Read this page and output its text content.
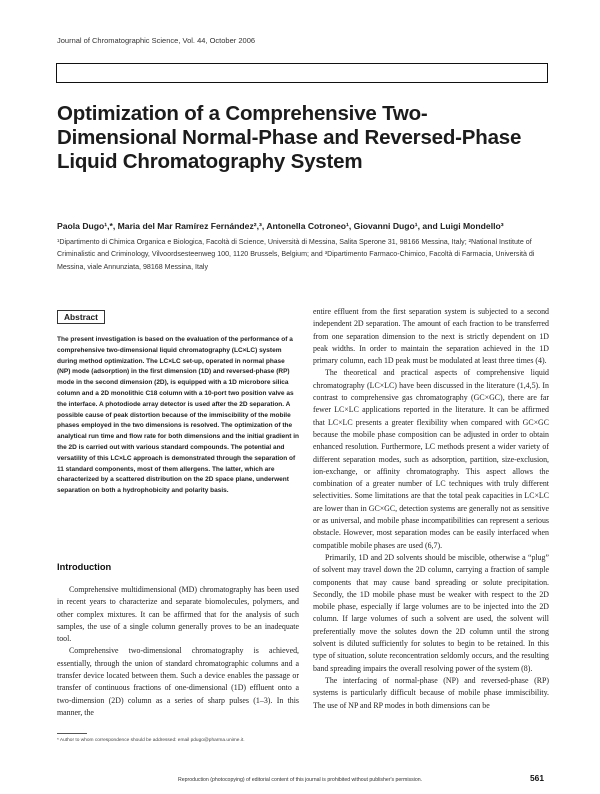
Journal of Chromatographic Science, Vol. 44, October 2006
Optimization of a Comprehensive Two-Dimensional Normal-Phase and Reversed-Phase Liquid Chromatography System
Paola Dugo¹,*, Maria del Mar Ramírez Fernández²,³, Antonella Cotroneo¹, Giovanni Dugo¹, and Luigi Mondello³
¹Dipartimento di Chimica Organica e Biologica, Facoltà di Science, Università di Messina, Salita Sperone 31, 98166 Messina, Italy; ²National Institute of Criminalistic and Criminology, Vilvoordsesteenweg 100, 1120 Brussels, Belgium; and ³Dipartimento Farmaco-Chimico, Facoltà di Farmacia, Università di Messina, viale Annunziata, 98168 Messina, Italy
Abstract
The present investigation is based on the evaluation of the performance of a comprehensive two-dimensional liquid chromatography (LC×LC) system during method optimization. The LC×LC set-up, operated in normal phase (NP) mode (adsorption) in the first dimension (1D) and reversed-phase (RP) mode in the second dimension (2D), is equipped with a 1D microbore silica column and a 2D monolithic C18 column with a 10-port two position valve as the interface. A photodiode array detector is used after the 2D separation. A possible cause of peak distortion because of the immiscibility of the mobile phases employed in the two dimensions is resolved. The optimization of the analytical run time and flow rate for both dimensions and the initial gradient in the 2D is carried out with various standard compounds. The potential and versatility of this LC×LC approach is demonstrated through the separation of 11 standard components, most of them allergens. The latter, which are characterized by a scattered distribution on the 2D space plane, underwent separation on both a hydrophobicity and polarity basis.
Introduction

Comprehensive multidimensional (MD) chromatography has been used in recent years to characterize and separate biomolecules, polymers, and other complex mixtures. It can be affirmed that for the analysis of such samples, the use of a single column generally proves to be an inadequate tool.

Comprehensive two-dimensional chromatography is achieved, essentially, through the union of standard chromatographic columns and a transfer device located between them. Such a device enables the passage or transfer of continuous fractions of one-dimensional (1D) effluent onto a two-dimension (2D) column as a series of sharp pulses (1–3). In this manner, the

* Author to whom correspondence should be addressed: email pdugo@pharma.unime.it.

entire effluent from the first separation system is subjected to a second independent 2D separation. The amount of each fraction to be transferred from one separation dimension to the next is strictly dependent on 1D peak widths. In order to maintain the separation achieved in the 1D primary column, each 1D peak must be modulated at least three times (4).

The theoretical and practical aspects of comprehensive liquid chromatography (LC×LC) have been discussed in the literature (1,4,5). In contrast to comprehensive gas chromatography (GC×GC), there are far fewer LC×LC applications reported in the literature. It can be affirmed that LC×LC presents a greater flexibility when compared with GC×GC because the mobile phase composition can be adjusted in order to obtain enhanced resolution. Furthermore, LC methods present a wider variety of different separation modes, such as adsorption, partition, size-exclusion, ion-exchange, or affinity chromatography. This aspect allows the combination of a greater number of LC techniques with truly different selectivities. Some limitations are that the total peak capacities in LC×LC are lower than in GC×GC, detection systems are generally not as sensitive or as universal, and mobile phase incompatibilities can represent a serious obstacle. However, most separation modes can be easily interfaced when compatible mobile phases are used (6,7).

Primarily, 1D and 2D solvents should be miscible, otherwise a “plug” of solvent may travel down the 2D column, carrying a fraction of sample components that may cause band spreading or solute precipitation. Secondly, the 1D mobile phase must be weaker with respect to the 2D mobile phase, especially if large volumes are to be injected into the 2D column. If large volumes of such a solvent are used, the solvent will preferentially move the solutes down the 2D column until the strong solvent is diluted sufficiently for solutes to begin to be retained. In this type of situation, solute reconcentration seldomly occurs, and the resulting band spreading impairs the overall resolving power of the system (8).

The interfacing of normal-phase (NP) and reversed-phase (RP) systems is particularly difficult because of mobile phase immiscibility. The use of NP and RP modes in both dimensions can be

Reproduction (photocopying) of editorial content of this journal is prohibited without publisher's permission.	561
